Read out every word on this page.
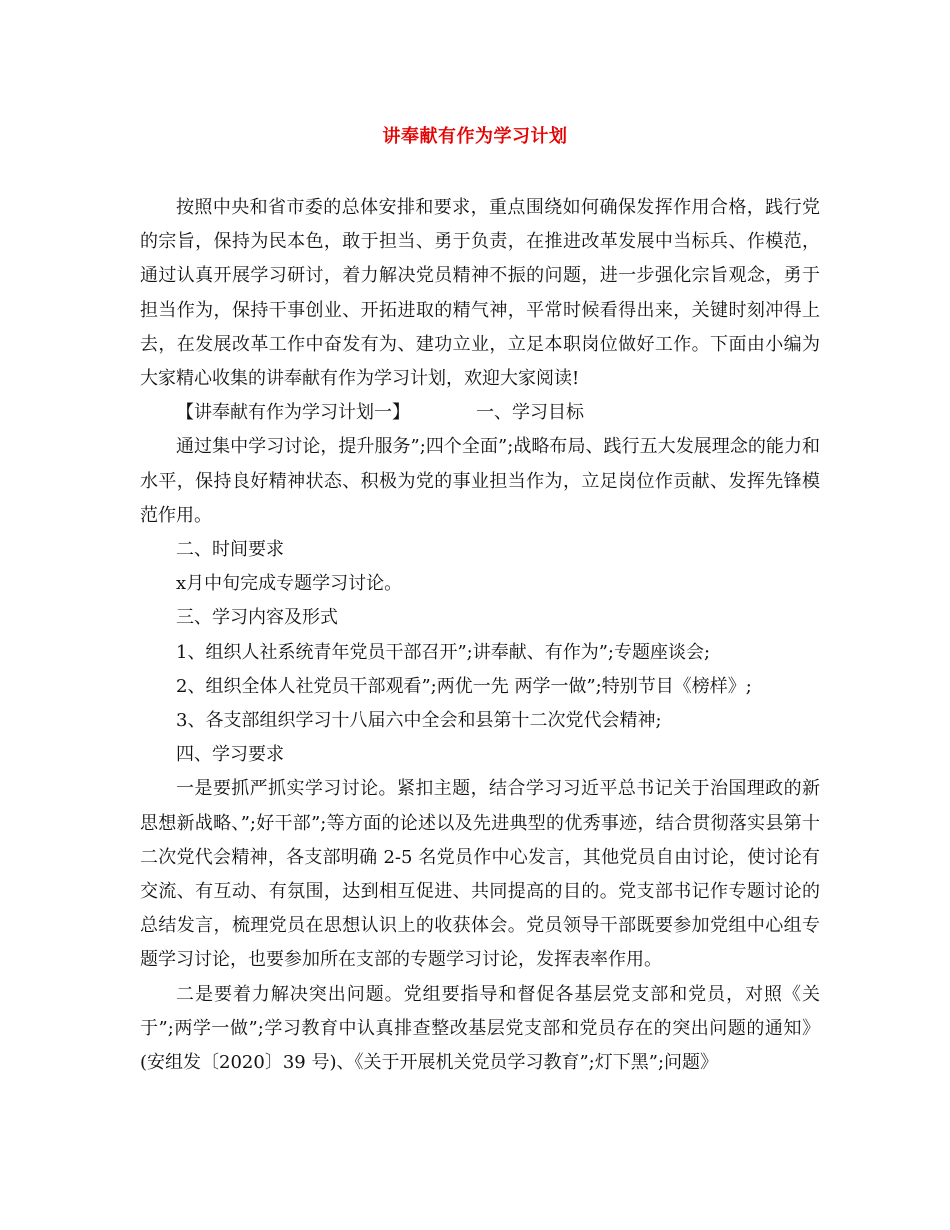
讲奉献有作为学习计划

按照中央和省市委的总体安排和要求，重点围绕如何确保发挥作用合格，践行党的宗旨，保持为民本色，敢于担当、勇于负责，在推进改革发展中当标兵、作模范，通过认真开展学习研讨，着力解决党员精神不振的问题，进一步强化宗旨观念，勇于担当作为，保持干事创业、开拓进取的精气神，平常时候看得出来，关键时刻冲得上去，在发展改革工作中奋发有为、建功立业，立足本职岗位做好工作。下面由小编为大家精心收集的讲奉献有作为学习计划，欢迎大家阅读!

【讲奉献有作为学习计划一】	一、学习目标

通过集中学习讨论，提升服务”;四个全面”;战略布局、践行五大发展理念的能力和水平，保持良好精神状态、积极为党的事业担当作为，立足岗位作贡献、发挥先锋模范作用。

二、时间要求

x月中旬完成专题学习讨论。

三、学习内容及形式

1、组织人社系统青年党员干部召开”;讲奉献、有作为”;专题座谈会;

2、组织全体人社党员干部观看”;两优一先 两学一做”;特别节目《榜样》;

3、各支部组织学习十八届六中全会和县第十二次党代会精神;

四、学习要求

一是要抓严抓实学习讨论。紧扣主题，结合学习习近平总书记关于治国理政的新思想新战略、”;好干部”;等方面的论述以及先进典型的优秀事迹，结合贯彻落实县第十二次党代会精神，各支部明确 2-5 名党员作中心发言，其他党员自由讨论，使讨论有交流、有互动、有氛围，达到相互促进、共同提高的目的。党支部书记作专题讨论的总结发言，梳理党员在思想认识上的收获体会。党员领导干部既要参加党组中心组专题学习讨论，也要参加所在支部的专题学习讨论，发挥表率作用。

二是要着力解决突出问题。党组要指导和督促各基层党支部和党员，对照《关于”;两学一做”;学习教育中认真排查整改基层党支部和党员存在的突出问题的通知》(安组发〔2020〕39 号)、《关于开展机关党员学习教育”;灯下黑”;问题》
